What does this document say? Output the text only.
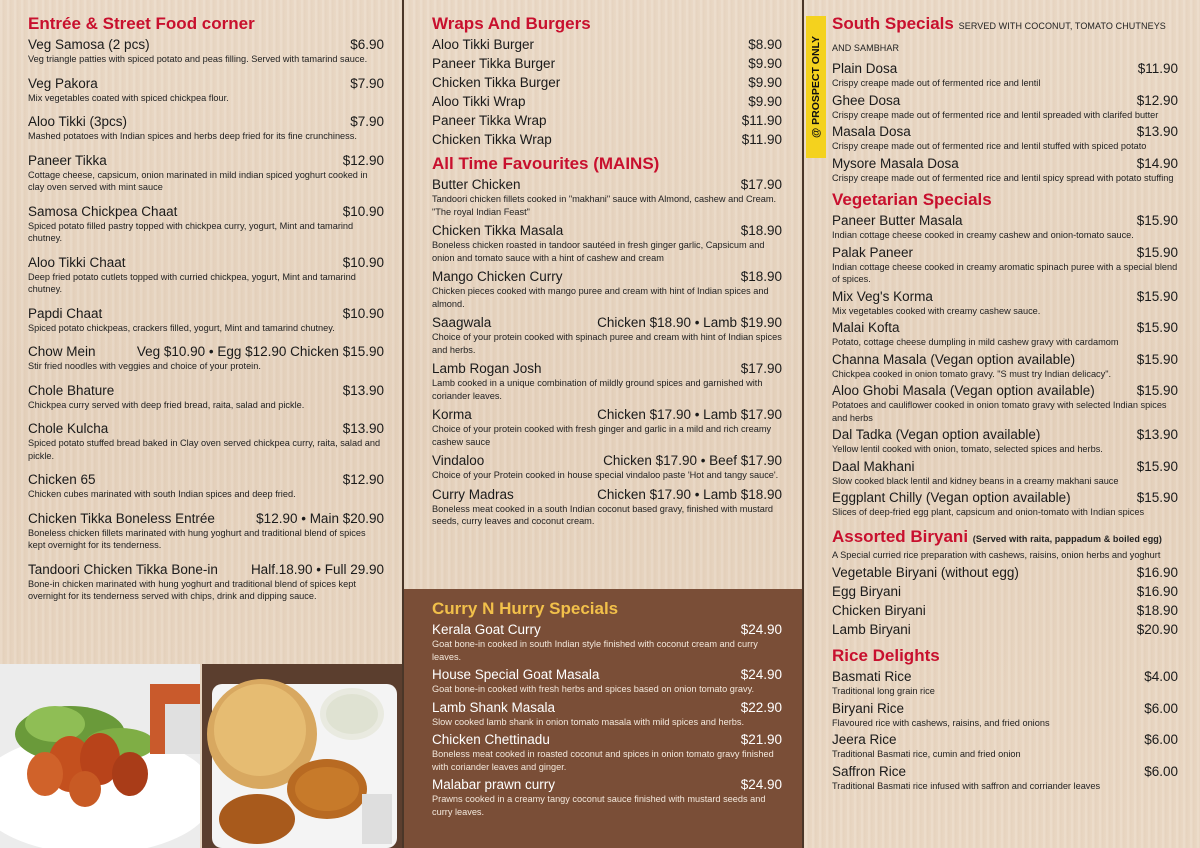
Entrée & Street Food corner
Veg Samosa (2 pcs)	$6.90
Veg triangle patties with spiced potato and peas filling. Served with tamarind sauce.
Veg Pakora	$7.90
Mix vegetables coated with spiced chickpea flour.
Aloo Tikki (3pcs)	$7.90
Mashed potatoes with Indian spices and herbs deep fried for its fine crunchiness.
Paneer Tikka	$12.90
Cottage cheese, capsicum, onion marinated in mild indian spiced yoghurt cooked in clay oven served with mint sauce
Samosa Chickpea Chaat	$10.90
Spiced potato filled pastry topped with chickpea curry, yogurt, Mint and tamarind chutney.
Aloo Tikki Chaat	$10.90
Deep fried potato cutlets topped with curried chickpea, yogurt, Mint and tamarind chutney.
Papdi Chaat	$10.90
Spiced potato chickpeas, crackers filled, yogurt, Mint and tamarind chutney.
Chow Mein	Veg $10.90 • Egg $12.90 Chicken $15.90
Stir fried noodles with veggies and choice of your protein.
Chole Bhature	$13.90
Chickpea curry served with deep fried bread, raita, salad and pickle.
Chole Kulcha	$13.90
Spiced potato stuffed bread baked in Clay oven served chickpea curry, raita, salad and pickle.
Chicken 65	$12.90
Chicken cubes marinated with south Indian spices and deep fried.
Chicken Tikka Boneless Entrée	$12.90 • Main $20.90
Boneless chicken fillets marinated with hung yoghurt and traditional blend of spices kept overnight for its tenderness.
Tandoori Chicken Tikka Bone-in Half.18.90 • Full 29.90
Bone-in chicken marinated with hung yoghurt and traditional blend of spices kept overnight for its tenderness served with chips, drink and dipping sauce.
Wraps And Burgers
Aloo Tikki Burger	$8.90
Paneer Tikka Burger	$9.90
Chicken Tikka Burger	$9.90
Aloo Tikki Wrap	$9.90
Paneer Tikka Wrap	$11.90
Chicken Tikka Wrap	$11.90
All Time Favourites (MAINS)
Butter Chicken	$17.90
Tandoori chicken fillets cooked in "makhani" sauce with Almond, cashew and Cream. "The royal Indian Feast"
Chicken Tikka Masala	$18.90
Boneless chicken roasted in tandoor sautéed in fresh ginger garlic, Capsicum and onion and tomato sauce with a hint of cashew and cream
Mango Chicken Curry	$18.90
Chicken pieces cooked with mango puree and cream with hint of Indian spices and almond.
Saagwala	Chicken $18.90 • Lamb $19.90
Choice of your protein cooked with spinach puree and cream with hint of Indian spices and herbs.
Lamb Rogan Josh	$17.90
Lamb cooked in a unique combination of mildly ground spices and garnished with coriander leaves.
Korma	Chicken $17.90 • Lamb $17.90
Choice of your protein cooked with fresh ginger and garlic in a mild and rich creamy cashew sauce
Vindaloo	Chicken $17.90 • Beef $17.90
Choice of your Protein cooked in house special vindaloo paste 'Hot and tangy sauce'.
Curry Madras	Chicken $17.90 • Lamb $18.90
Boneless meat cooked in a south Indian coconut based gravy, finished with mustard seeds, curry leaves and coconut cream.
Curry N Hurry Specials
Kerala Goat Curry	$24.90
Goat bone-in cooked in south Indian style finished with coconut cream and curry leaves.
House Special Goat Masala	$24.90
Goat bone-in cooked with fresh herbs and spices based on onion tomato gravy.
Lamb Shank Masala	$22.90
Slow cooked lamb shank in onion tomato masala with mild spices and herbs.
Chicken Chettinadu	$21.90
Boneless meat cooked in roasted coconut and spices in onion tomato gravy finished with coriander leaves and ginger.
Malabar prawn curry	$24.90
Prawns cooked in a creamy tangy coconut sauce finished with mustard seeds and curry leaves.
@ PROSPECT ONLY
South Specials SERVED WITH COCONUT, TOMATO CHUTNEYS AND SAMBHAR
Plain Dosa	$11.90
Crispy creape made out of fermented rice and lentil
Ghee Dosa	$12.90
Crispy creape made out of fermented rice and lentil spreaded with clarifed butter
Masala Dosa	$13.90
Crispy creape made out of fermented rice and lentil stuffed with spiced potato
Mysore Masala Dosa	$14.90
Crispy creape made out of fermented rice and lentil spicy spread with potato stuffing
Vegetarian Specials
Paneer Butter Masala	$15.90
Indian cottage cheese cooked in creamy cashew and onion-tomato sauce.
Palak Paneer	$15.90
Indian cottage cheese cooked in creamy aromatic spinach puree with a special blend of spices.
Mix Veg's Korma	$15.90
Mix vegetables cooked with creamy cashew sauce.
Malai Kofta	$15.90
Potato, cottage cheese dumpling in mild cashew gravy with cardamom
Channa Masala (Vegan option available)	$15.90
Chickpea cooked in onion tomato gravy. "S must try Indian delicacy".
Aloo Ghobi Masala (Vegan option available)	$15.90
Potatoes and cauliflower cooked in onion tomato gravy with selected Indian spices and herbs
Dal Tadka (Vegan option available)	$13.90
Yellow lentil cooked with onion, tomato, selected spices and herbs.
Daal Makhani	$15.90
Slow cooked black lentil and kidney beans in a creamy makhani sauce
Eggplant Chilly (Vegan option available)	$15.90
Slices of deep-fried egg plant, capsicum and onion-tomato with Indian spices
Assorted Biryani (Served with raita, pappadum & boiled egg)
A Special curried rice preparation with cashews, raisins, onion herbs and yoghurt
Vegetable Biryani (without egg)	$16.90
Egg Biryani	$16.90
Chicken Biryani	$18.90
Lamb Biryani	$20.90
Rice Delights
Basmati Rice	$4.00
Traditional long grain rice
Biryani Rice	$6.00
Flavoured rice with cashews, raisins, and fried onions
Jeera Rice	$6.00
Traditional Basmati rice, cumin and fried onion
Saffron Rice	$6.00
Traditional Basmati rice infused with saffron and corriander leaves
